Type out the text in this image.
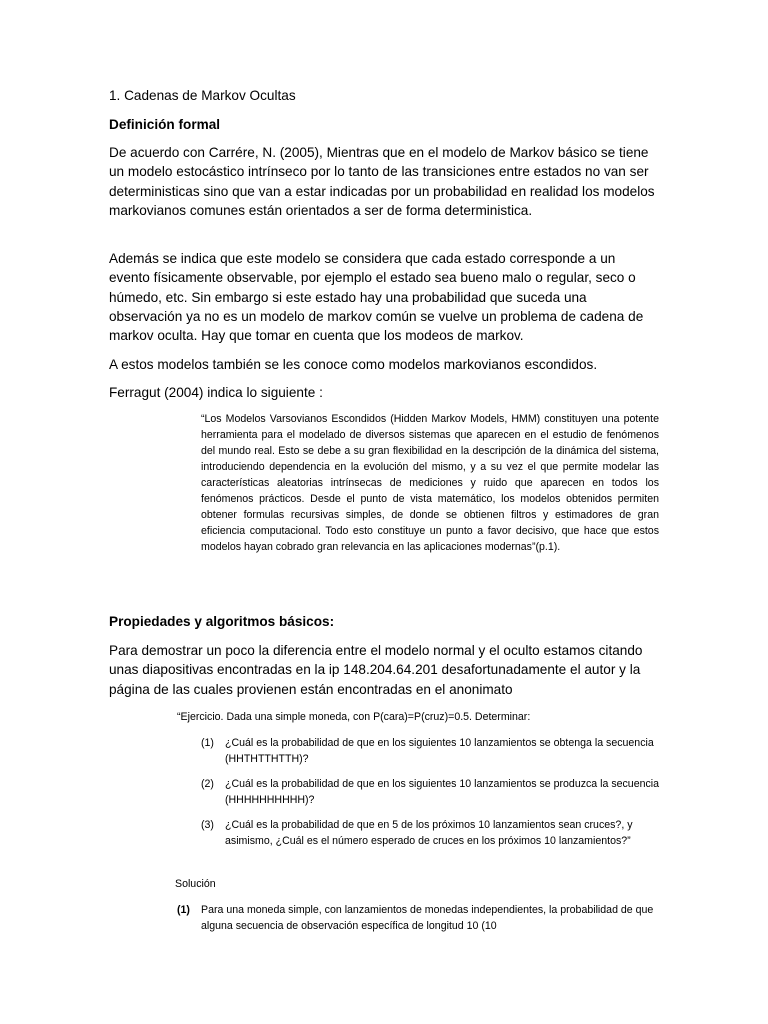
1. Cadenas de Markov Ocultas

Definición formal

De acuerdo con Carrére, N. (2005), Mientras que en el modelo de Markov básico se tiene un modelo estocástico intrínseco por lo tanto de las transiciones entre estados no van ser deterministicas sino que van a estar indicadas por un probabilidad en realidad los modelos markovianos comunes están orientados a ser de forma deterministica.

Además se indica que este modelo se considera que cada estado corresponde a un evento físicamente observable, por ejemplo el estado sea bueno malo o regular, seco o húmedo, etc. Sin embargo si este estado hay una probabilidad que suceda una observación ya no es un modelo de markov común se vuelve un problema de cadena de markov oculta. Hay que tomar en cuenta que los modeos de markov.

A estos modelos también se les conoce como modelos markovianos escondidos.

Ferragut (2004) indica lo siguiente :

“Los Modelos Varsovianos Escondidos (Hidden Markov Models, HMM) constituyen una potente herramienta para el modelado de diversos sistemas que aparecen en el estudio de fenómenos del mundo real. Esto se debe a su gran flexibilidad en la descripción de la dinámica del sistema, introduciendo dependencia en la evolución del mismo, y a su vez el que permite modelar las características aleatorias intrínsecas de mediciones y ruido que aparecen en todos los fenómenos prácticos. Desde el punto de vista matemático, los modelos obtenidos permiten obtener formulas recursivas simples, de donde se obtienen filtros y estimadores de gran eficiencia computacional. Todo esto constituye un punto a favor decisivo, que hace que estos modelos hayan cobrado gran relevancia en las aplicaciones modernas”(p.1).

Propiedades y algoritmos básicos:

Para demostrar un poco la diferencia entre el modelo normal y el oculto estamos citando unas diapositivas encontradas en la ip 148.204.64.201 desafortunadamente el autor y la página de las cuales provienen están encontradas en el anonimato

“Ejercicio. Dada una simple moneda, con P(cara)=P(cruz)=0.5. Determinar:

(1) ¿Cuál es la probabilidad de que en los siguientes 10 lanzamientos se obtenga la secuencia (HHTHTTHTTH)?
(2) ¿Cuál es la probabilidad de que en los siguientes 10 lanzamientos se produzca la secuencia (HHHHHHHHHH)?
(3) ¿Cuál es la probabilidad de que en 5 de los próximos 10 lanzamientos sean cruces?, y asimismo, ¿Cuál es el número esperado de cruces en los próximos 10 lanzamientos?”

Solución

(1) Para una moneda simple, con lanzamientos de monedas independientes, la probabilidad de que alguna secuencia de observación específica de longitud 10 (10
